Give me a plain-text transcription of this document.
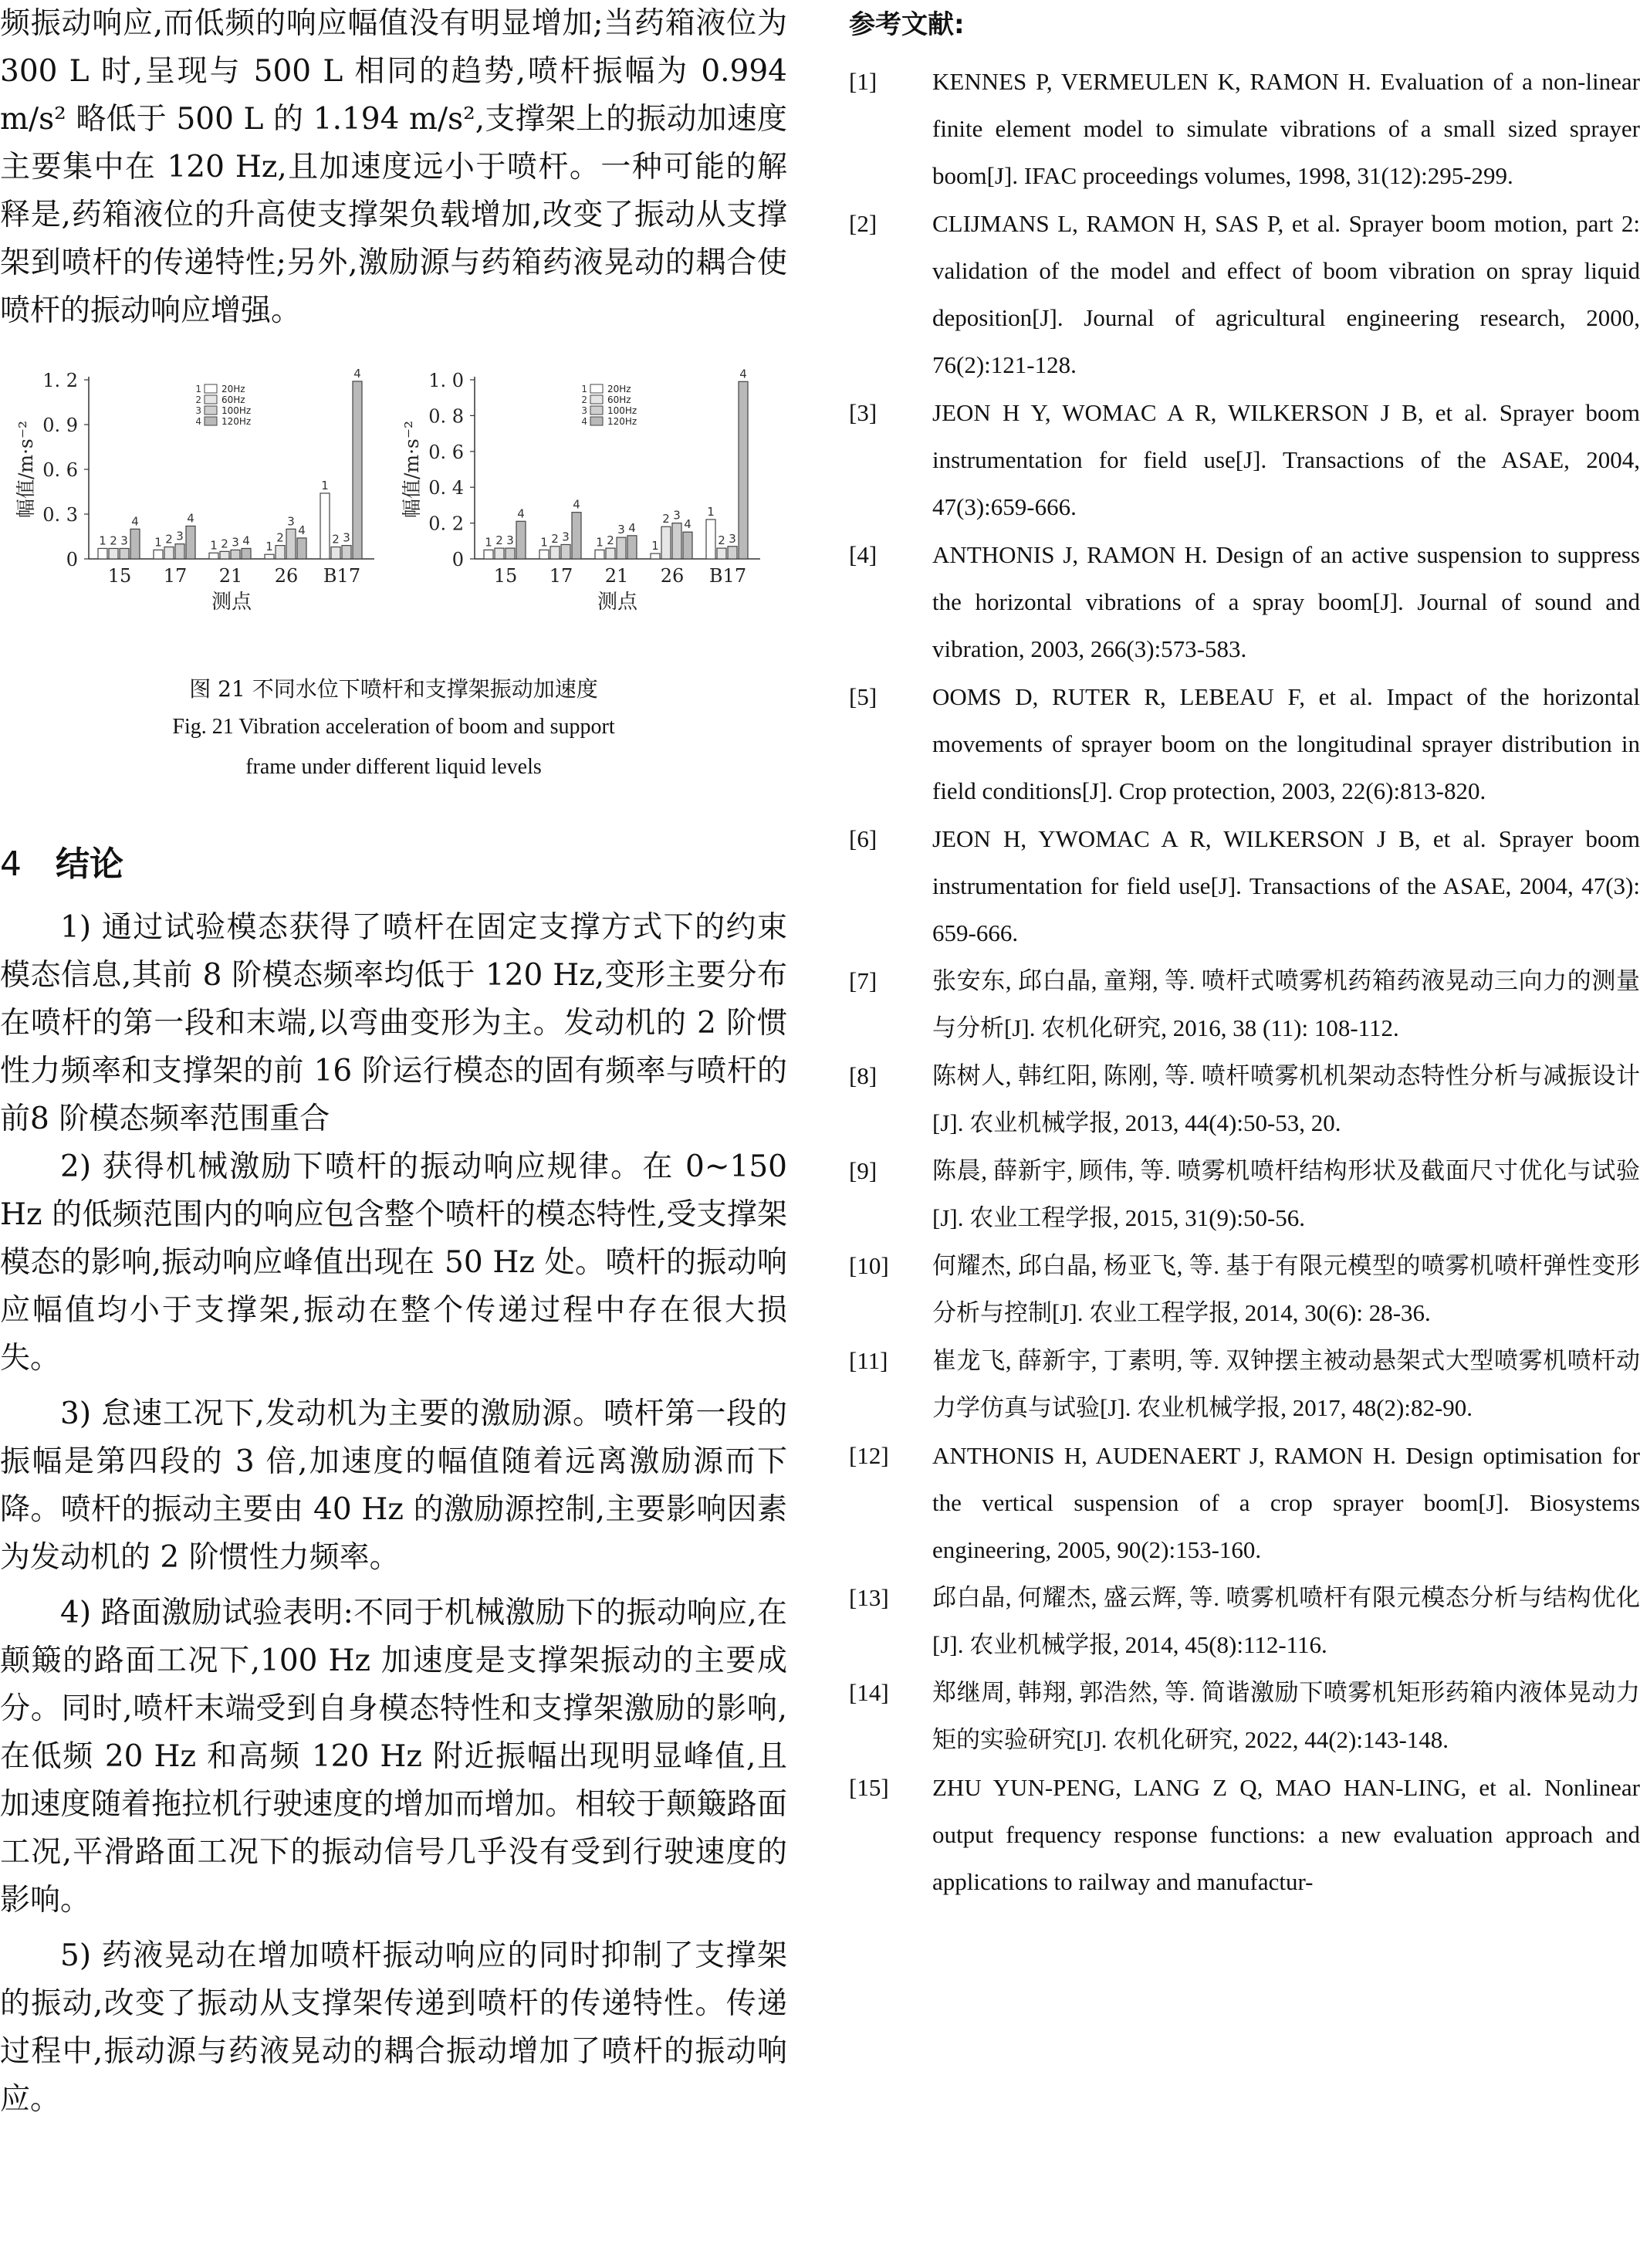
频振动响应,而低频的响应幅值没有明显增加;当药箱液位为 300 L 时,呈现与 500 L 相同的趋势,喷杆振幅为 0.994 m/s² 略低于 500 L 的 1.194 m/s²,支撑架上的振动加速度主要集中在 120 Hz,且加速度远小于喷杆。一种可能的解释是,药箱液位的升高使支撑架负载增加,改变了振动从支撑架到喷杆的传递特性;另外,激励源与药箱药液晃动的耦合使喷杆的振动响应增强。

0
0. 3
0. 6
0. 9
1. 2
幅值/m·s⁻²
1 2 3
4
15
1 2 3
4
17
1 2 3 4
21
1
2
3
4
26
1
2 3
4
B17
测点
1 20Hz
2 60Hz
3 100Hz
4 120Hz
0
0. 2
0. 4
0. 6
0. 8
1. 0
幅值/m·s⁻²
1 2 3
4
15
1 2 3
4
17
1 2
3 4
21
1
2 3
4
26
1
2 3
4
B17
测点
1 20Hz
2 60Hz
3 100Hz
4 120Hz
图 21 不同水位下喷杆和支撑架振动加速度
Fig. 21 Vibration acceleration of boom and support
frame under different liquid levels
4 结论

1) 通过试验模态获得了喷杆在固定支撑方式下的约束模态信息,其前 8 阶模态频率均低于 120 Hz,变形主要分布在喷杆的第一段和末端,以弯曲变形为主。发动机的 2 阶惯性力频率和支撑架的前 16 阶运行模态的固有频率与喷杆的前8 阶模态频率范围重合

2) 获得机械激励下喷杆的振动响应规律。在 0~150 Hz 的低频范围内的响应包含整个喷杆的模态特性,受支撑架模态的影响,振动响应峰值出现在 50 Hz 处。喷杆的振动响应幅值均小于支撑架,振动在整个传递过程中存在很大损失。

3) 怠速工况下,发动机为主要的激励源。喷杆第一段的振幅是第四段的 3 倍,加速度的幅值随着远离激励源而下降。喷杆的振动主要由 40 Hz 的激励源控制,主要影响因素为发动机的 2 阶惯性力频率。

4) 路面激励试验表明:不同于机械激励下的振动响应,在颠簸的路面工况下,100 Hz 加速度是支撑架振动的主要成分。同时,喷杆末端受到自身模态特性和支撑架激励的影响,在低频 20 Hz 和高频 120 Hz 附近振幅出现明显峰值,且加速度随着拖拉机行驶速度的增加而增加。相较于颠簸路面工况,平滑路面工况下的振动信号几乎没有受到行驶速度的影响。

5) 药液晃动在增加喷杆振动响应的同时抑制了支撑架的振动,改变了振动从支撑架传递到喷杆的传递特性。传递过程中,振动源与药液晃动的耦合振动增加了喷杆的振动响应。

参考文献:
[1] KENNES P, VERMEULEN K, RAMON H. Evaluation of a non-linear finite element model to simulate vibrations of a small sized sprayer boom[J]. IFAC proceedings volumes, 1998, 31(12):295-299.
[2] CLIJMANS L, RAMON H, SAS P, et al. Sprayer boom motion, part 2: validation of the model and effect of boom vibration on spray liquid deposition[J]. Journal of agricultural engineering research, 2000, 76(2):121-128.
[3] JEON H Y, WOMAC A R, WILKERSON J B, et al. Sprayer boom instrumentation for field use[J]. Transactions of the ASAE, 2004, 47(3):659-666.
[4] ANTHONIS J, RAMON H. Design of an active suspension to suppress the horizontal vibrations of a spray boom[J]. Journal of sound and vibration, 2003, 266(3):573-583.
[5] OOMS D, RUTER R, LEBEAU F, et al. Impact of the horizontal movements of sprayer boom on the longitudinal sprayer distribution in field conditions[J]. Crop protection, 2003, 22(6):813-820.
[6] JEON H, YWOMAC A R, WILKERSON J B, et al. Sprayer boom instrumentation for field use[J]. Transactions of the ASAE, 2004, 47(3): 659-666.
[7] 张安东, 邱白晶, 童翔, 等. 喷杆式喷雾机药箱药液晃动三向力的测量与分析[J]. 农机化研究, 2016, 38 (11): 108-112.
[8] 陈树人, 韩红阳, 陈刚, 等. 喷杆喷雾机机架动态特性分析与减振设计[J]. 农业机械学报, 2013, 44(4):50-53, 20.
[9] 陈晨, 薛新宇, 顾伟, 等. 喷雾机喷杆结构形状及截面尺寸优化与试验[J]. 农业工程学报, 2015, 31(9):50-56.
[10] 何耀杰, 邱白晶, 杨亚飞, 等. 基于有限元模型的喷雾机喷杆弹性变形分析与控制[J]. 农业工程学报, 2014, 30(6): 28-36.
[11] 崔龙飞, 薛新宇, 丁素明, 等. 双钟摆主被动悬架式大型喷雾机喷杆动力学仿真与试验[J]. 农业机械学报, 2017, 48(2):82-90.
[12] ANTHONIS H, AUDENAERT J, RAMON H. Design optimisation for the vertical suspension of a crop sprayer boom[J]. Biosystems engineering, 2005, 90(2):153-160.
[13] 邱白晶, 何耀杰, 盛云辉, 等. 喷雾机喷杆有限元模态分析与结构优化[J]. 农业机械学报, 2014, 45(8):112-116.
[14] 郑继周, 韩翔, 郭浩然, 等. 简谐激励下喷雾机矩形药箱内液体晃动力矩的实验研究[J]. 农机化研究, 2022, 44(2):143-148.
[15] ZHU YUN-PENG, LANG Z Q, MAO HAN-LING, et al. Nonlinear output frequency response functions: a new evaluation approach and applications to railway and manufactur-
